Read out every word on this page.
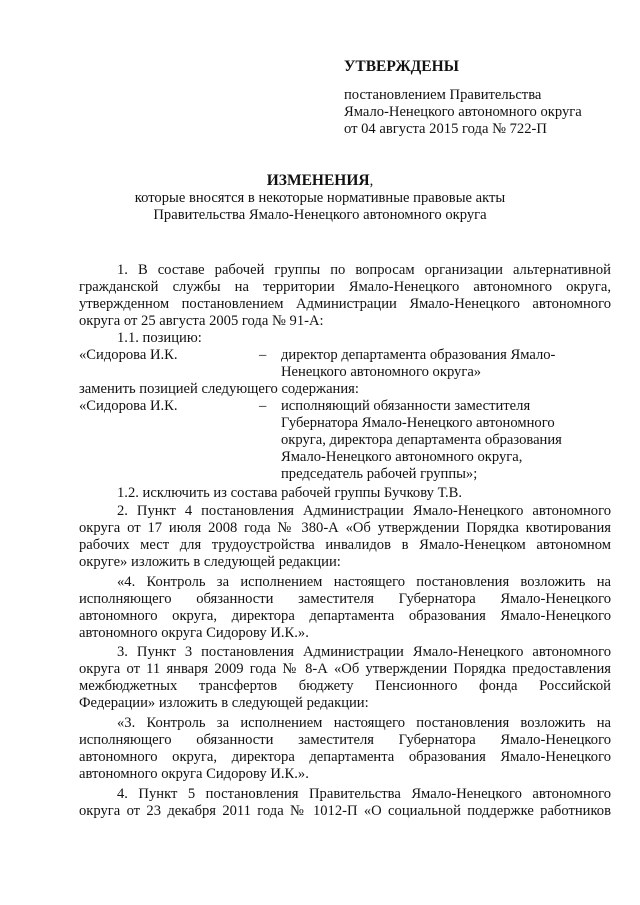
УТВЕРЖДЕНЫ
постановлением Правительства
Ямало-Ненецкого автономного округа
от 04 августа 2015 года № 722-П
ИЗМЕНЕНИЯ,
которые вносятся в некоторые нормативные правовые акты
Правительства Ямало-Ненецкого автономного округа
1. В составе рабочей группы по вопросам организации альтернативной
гражданской службы на территории Ямало-Ненецкого автономного округа,
утвержденном постановлением Администрации Ямало-Ненецкого автономного
округа от 25 августа 2005 года № 91-А:
1.1. позицию:
«Сидорова И.К.	– директор департамента образования Ямало-
Ненецкого автономного округа»
заменить позицией следующего содержания:
«Сидорова И.К.	– исполняющий обязанности заместителя
Губернатора Ямало-Ненецкого автономного
округа, директора департамента образования
Ямало-Ненецкого автономного округа,
председатель рабочей группы»;
1.2. исключить из состава рабочей группы Бучкову Т.В.
2. Пункт 4 постановления Администрации Ямало-Ненецкого автономного
округа от 17 июля 2008 года № 380-А «Об утверждении Порядка квотирования
рабочих мест для трудоустройства инвалидов в Ямало-Ненецком автономном
округе» изложить в следующей редакции:
«4. Контроль за исполнением настоящего постановления возложить на
исполняющего обязанности заместителя Губернатора Ямало-Ненецкого
автономного округа, директора департамента образования Ямало-Ненецкого
автономного округа Сидорову И.К.».
3. Пункт 3 постановления Администрации Ямало-Ненецкого автономного
округа от 11 января 2009 года № 8-А «Об утверждении Порядка предоставления
межбюджетных трансфертов бюджету Пенсионного фонда Российской
Федерации» изложить в следующей редакции:
«3. Контроль за исполнением настоящего постановления возложить на
исполняющего обязанности заместителя Губернатора Ямало-Ненецкого
автономного округа, директора департамента образования Ямало-Ненецкого
автономного округа Сидорову И.К.».
4. Пункт 5 постановления Правительства Ямало-Ненецкого автономного
округа от 23 декабря 2011 года № 1012-П «О социальной поддержке работников
